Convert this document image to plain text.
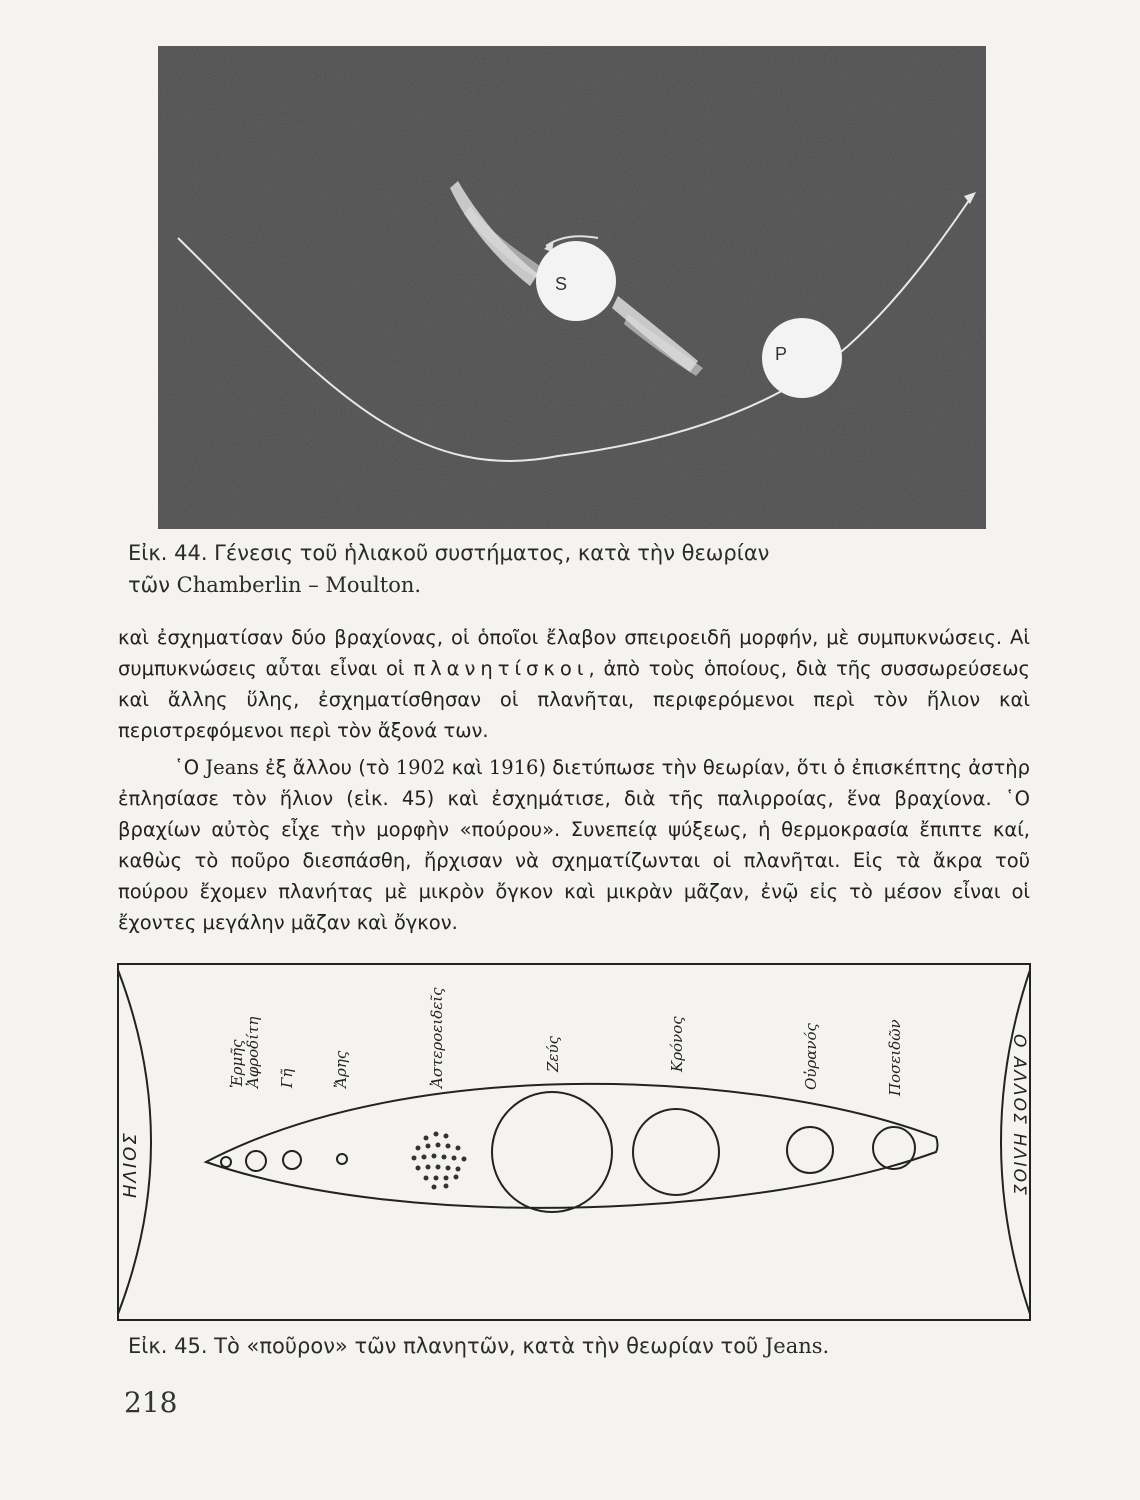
S
P
Εἰκ. 44. Γένεσις τοῦ ἡλιακοῦ συστήματος, κατὰ τὴν θεωρίαν
τῶν Chamberlin – Moulton.

καὶ ἐσχηματίσαν δύο βραχίονας, οἱ ὁποῖοι ἔλαβον σπειροειδῆ μορφήν, μὲ συμπυκνώσεις. Αἱ συμπυκνώσεις αὗται εἶναι οἱ πλανητίσκοι, ἀπὸ τοὺς ὁποίους, διὰ τῆς συσσωρεύσεως καὶ ἄλλης ὕλης, ἐσχηματίσθησαν οἱ πλανῆται, περιφερόμενοι περὶ τὸν ἥλιον καὶ περιστρεφόμενοι περὶ τὸν ἄξονά των.

῾Ο Jeans ἐξ ἄλλου (τὸ 1902 καὶ 1916) διετύπωσε τὴν θεωρίαν, ὅτι ὁ ἐπισκέπτης ἀστὴρ ἐπλησίασε τὸν ἥλιον (εἰκ. 45) καὶ ἐσχημάτισε, διὰ τῆς παλιρροίας, ἕνα βραχίονα. ῾Ο βραχίων αὐτὸς εἶχε τὴν μορφὴν «πούρου». Συνεπείᾳ ψύξεως, ἡ θερμοκρασία ἔπιπτε καί, καθὼς τὸ ποῦρο διεσπάσθη, ἤρχισαν νὰ σχηματίζωνται οἱ πλανῆται. Εἰς τὰ ἄκρα τοῦ πούρου ἔχομεν πλανήτας μὲ μικρὸν ὄγκον καὶ μικρὰν μᾶζαν, ἐνῷ εἰς τὸ μέσον εἶναι οἱ ἔχοντες μεγάλην μᾶζαν καὶ ὄγκον.

ΗΛΙΟΣ	Ο ΑΛΛΟΣ ΗΛΙΟΣ
Ἑρμῆς
Ἀφροδίτη Γῆ Ἄρης	Ἀστεροειδεῖς	Ζεύς	Κρόνος	Οὐρανός	Ποσειδῶν
Εἰκ. 45. Τὸ «ποῦρον» τῶν πλανητῶν, κατὰ τὴν θεωρίαν τοῦ Jeans.
218
